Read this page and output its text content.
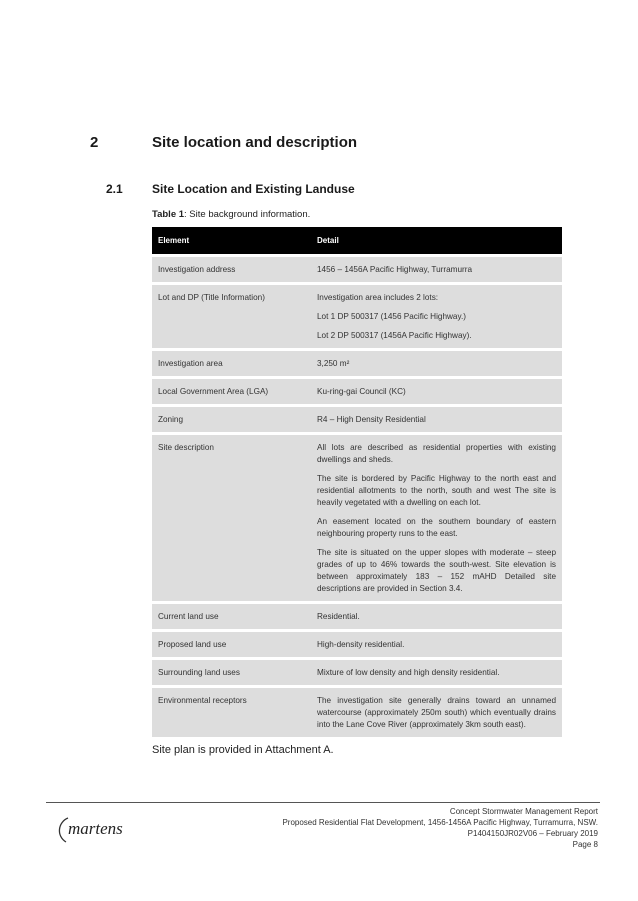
2	Site location and description
2.1 Site Location and Existing Landuse
Table 1: Site background information.
Element	Detail
Investigation address	1456 – 1456A Pacific Highway, Turramurra

Lot and DP (Title Information)	Investigation area includes 2 lots:

Lot 1 DP 500317 (1456 Pacific Highway.)

Lot 2 DP 500317 (1456A Pacific Highway).

Investigation area	3,250 m²

Local Government Area (LGA)	Ku-ring-gai Council (KC)

Zoning	R4 – High Density Residential

Site description	All lots are described as residential properties with existing dwellings and sheds.

The site is bordered by Pacific Highway to the north east and residential allotments to the north, south and west The site is heavily vegetated with a dwelling on each lot.

An easement located on the southern boundary of eastern neighbouring property runs to the east.

The site is situated on the upper slopes with moderate – steep grades of up to 46% towards the south-west. Site elevation is between approximately 183 – 152 mAHD Detailed site descriptions are provided in Section 3.4.

Current land use	Residential.

Proposed land use	High-density residential.

Surrounding land uses	Mixture of low density and high density residential.

Environmental receptors	The investigation site generally drains toward an unnamed watercourse (approximately 250m south) which eventually drains into the Lane Cove River (approximately 3km south east).

Site plan is provided in Attachment A.
martens
Concept Stormwater Management Report
Proposed Residential Flat Development, 1456-1456A Pacific Highway, Turramurra, NSW.
P1404150JR02V06 – February 2019
Page 8
